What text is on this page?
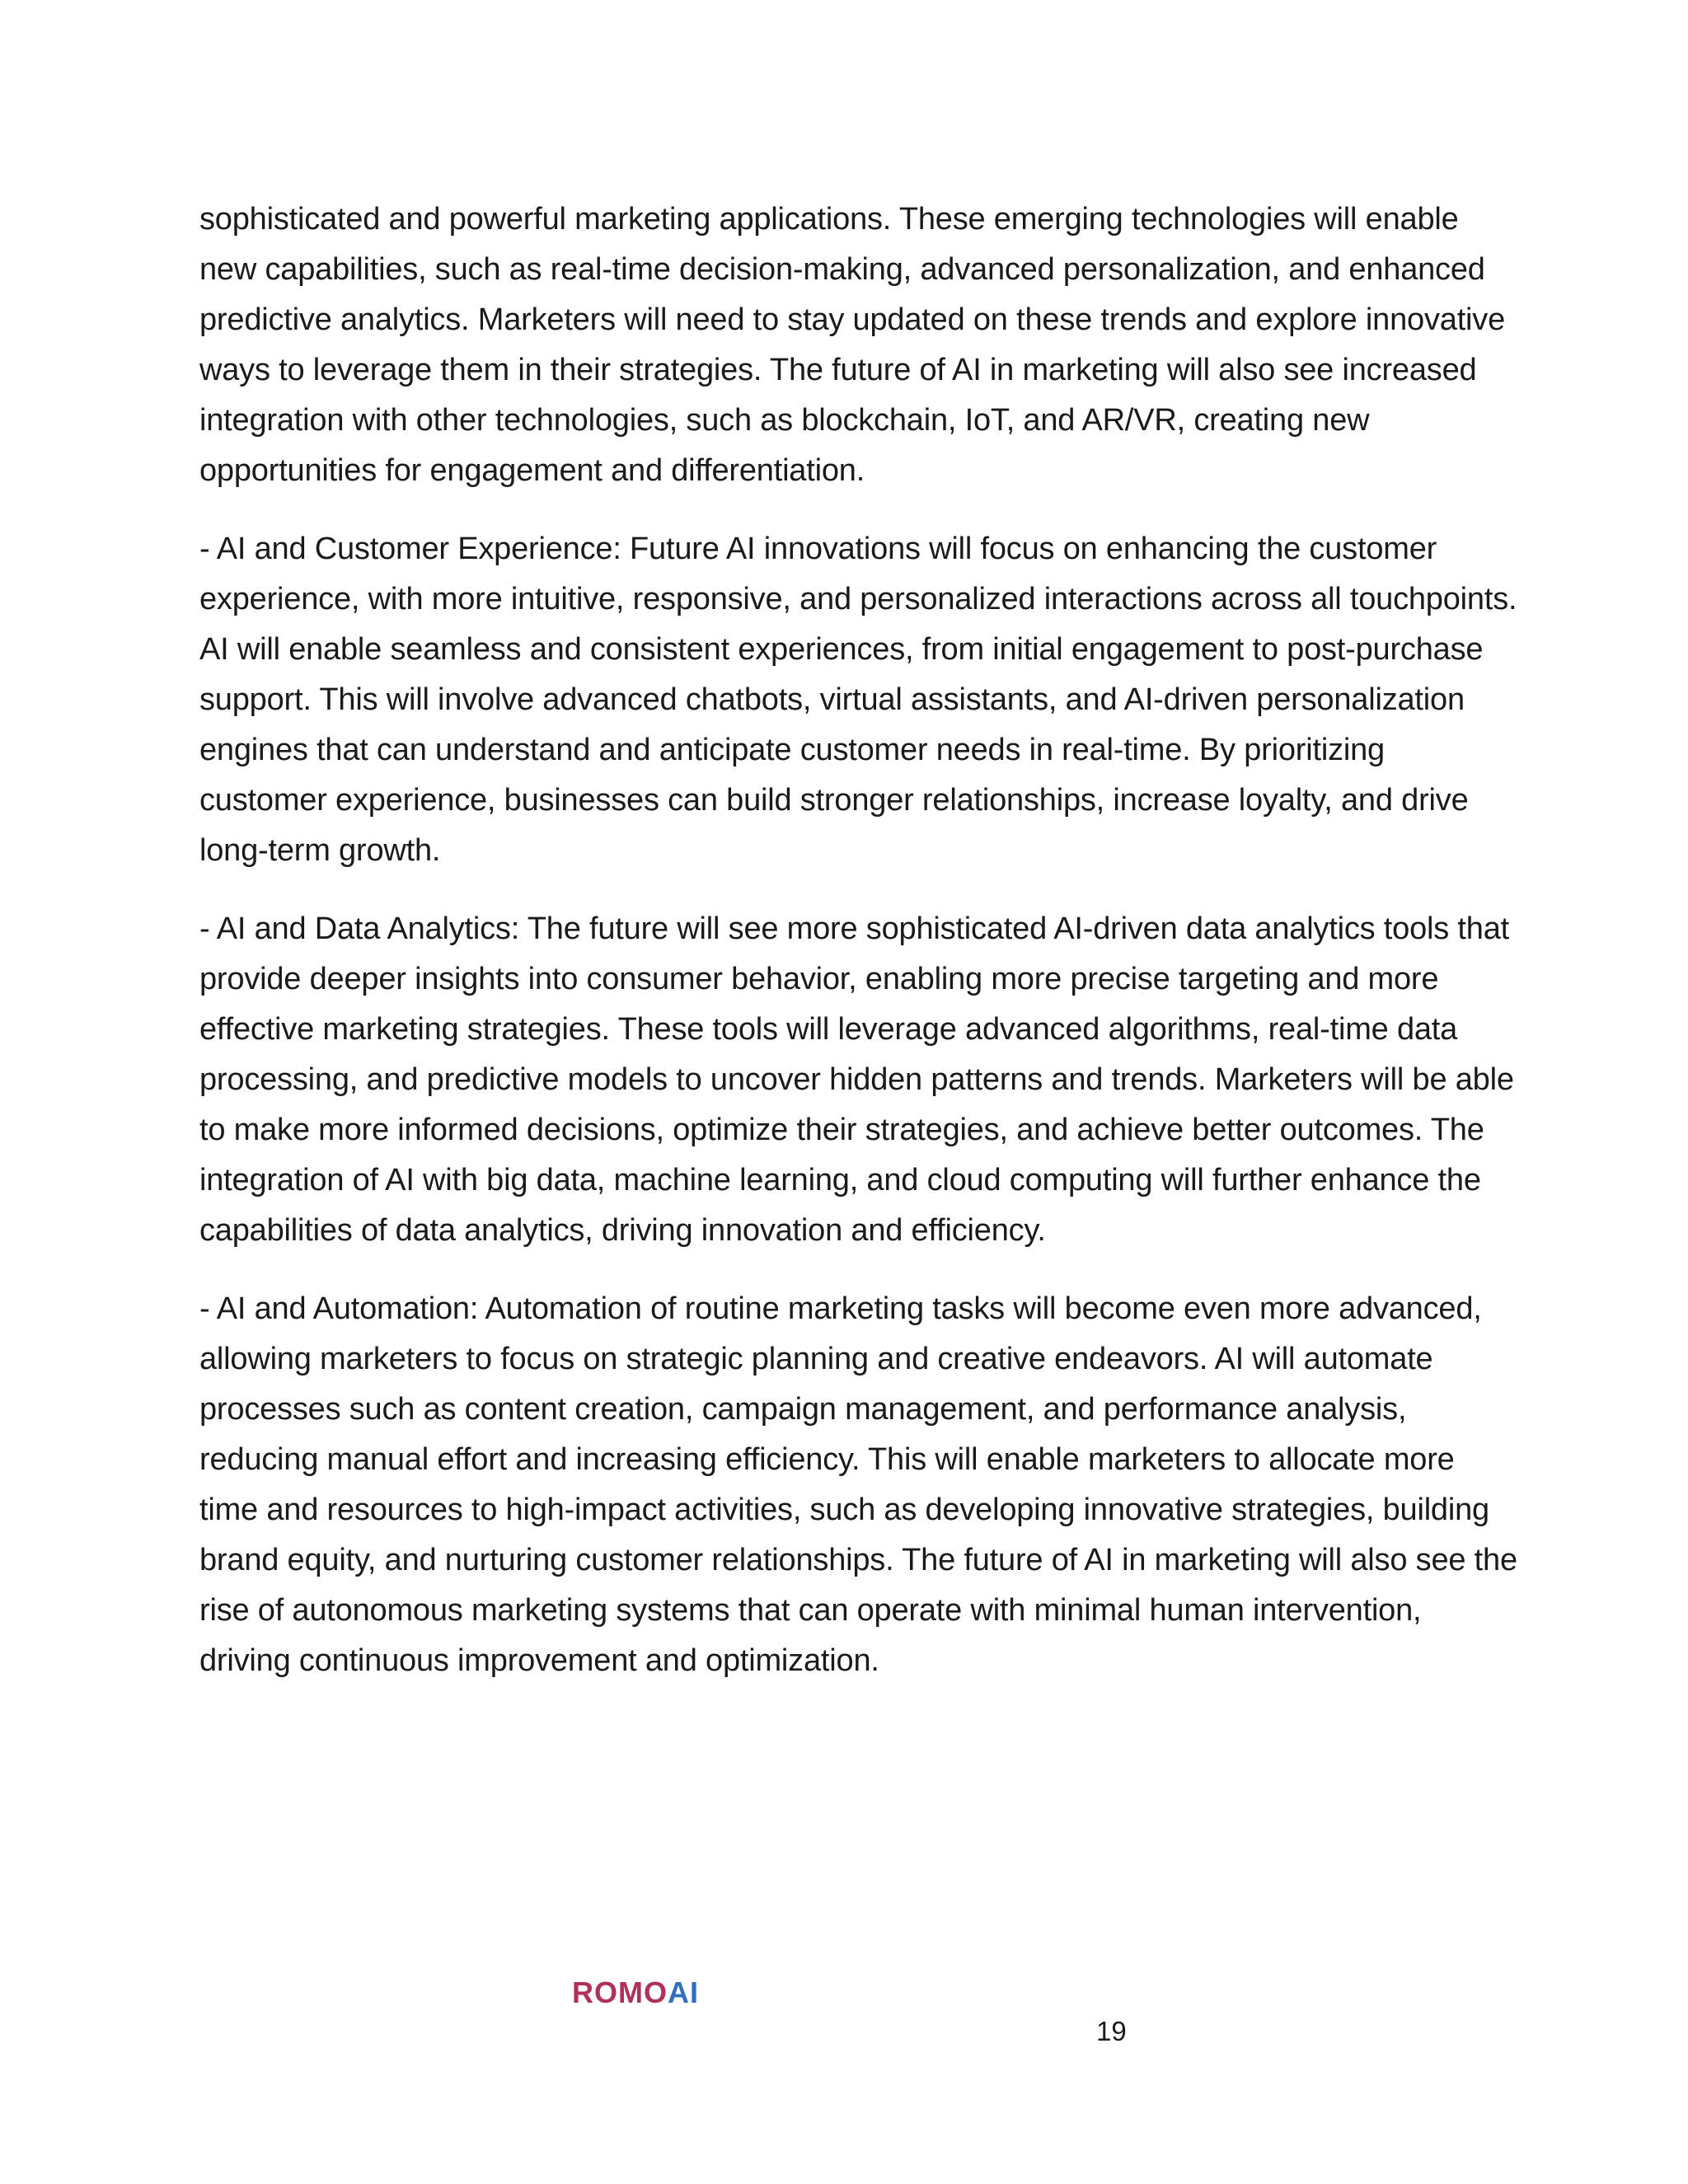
sophisticated and powerful marketing applications. These emerging technologies will enable new capabilities, such as real-time decision-making, advanced personalization, and enhanced predictive analytics. Marketers will need to stay updated on these trends and explore innovative ways to leverage them in their strategies. The future of AI in marketing will also see increased integration with other technologies, such as blockchain, IoT, and AR/VR, creating new opportunities for engagement and differentiation.

- AI and Customer Experience: Future AI innovations will focus on enhancing the customer experience, with more intuitive, responsive, and personalized interactions across all touchpoints. AI will enable seamless and consistent experiences, from initial engagement to post-purchase support. This will involve advanced chatbots, virtual assistants, and AI-driven personalization engines that can understand and anticipate customer needs in real-time. By prioritizing customer experience, businesses can build stronger relationships, increase loyalty, and drive long-term growth.

- AI and Data Analytics: The future will see more sophisticated AI-driven data analytics tools that provide deeper insights into consumer behavior, enabling more precise targeting and more effective marketing strategies. These tools will leverage advanced algorithms, real-time data processing, and predictive models to uncover hidden patterns and trends. Marketers will be able to make more informed decisions, optimize their strategies, and achieve better outcomes. The integration of AI with big data, machine learning, and cloud computing will further enhance the capabilities of data analytics, driving innovation and efficiency.

- AI and Automation: Automation of routine marketing tasks will become even more advanced, allowing marketers to focus on strategic planning and creative endeavors. AI will automate processes such as content creation, campaign management, and performance analysis, reducing manual effort and increasing efficiency. This will enable marketers to allocate more time and resources to high-impact activities, such as developing innovative strategies, building brand equity, and nurturing customer relationships. The future of AI in marketing will also see the rise of autonomous marketing systems that can operate with minimal human intervention, driving continuous improvement and optimization.

ROMOAI
19
